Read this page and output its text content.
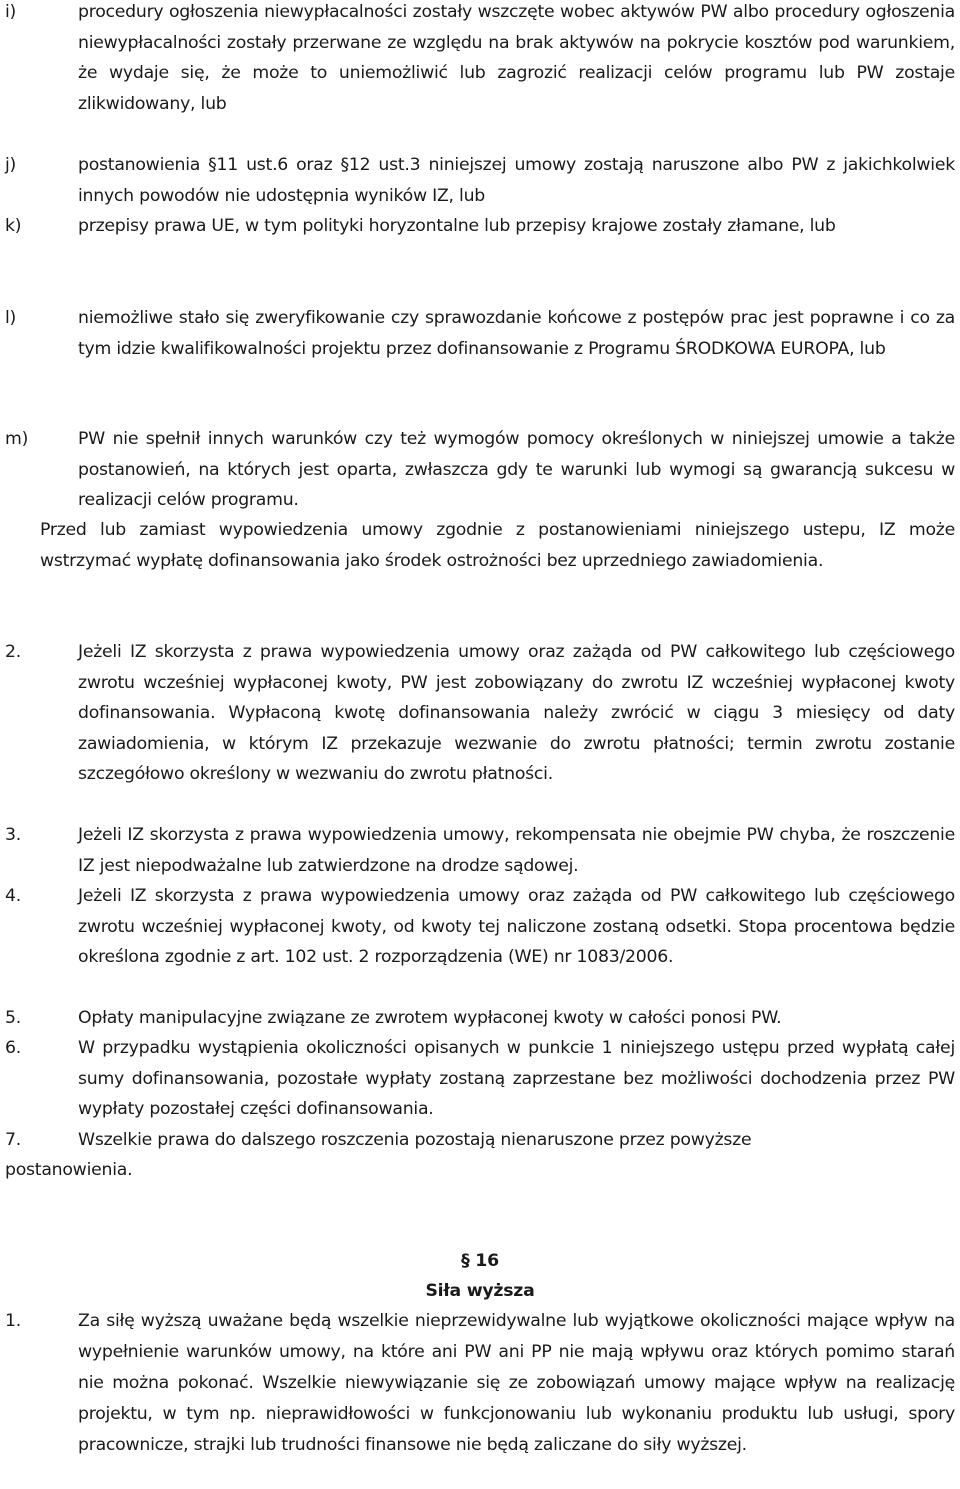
i)	procedury ogłoszenia niewypłacalności zostały wszczęte wobec aktywów PW albo procedury ogłoszenia niewypłacalności zostały przerwane ze względu na brak aktywów na pokrycie kosztów pod warunkiem, że wydaje się, że może to uniemożliwić lub zagrozić realizacji celów programu lub PW zostaje zlikwidowany, lub
j)	postanowienia §11 ust.6 oraz §12 ust.3 niniejszej umowy zostają naruszone albo PW z jakichkolwiek innych powodów nie udostępnia wyników IZ, lub
k)	przepisy prawa UE, w tym polityki horyzontalne lub przepisy krajowe zostały złamane, lub
l)	niemożliwe stało się zweryfikowanie czy sprawozdanie końcowe z postępów prac jest poprawne i co za tym idzie kwalifikowalności projektu przez dofinansowanie z Programu ŚRODKOWA EUROPA, lub
m)	PW nie spełnił innych warunków czy też wymogów pomocy określonych w niniejszej umowie a także postanowień, na których jest oparta, zwłaszcza gdy te warunki lub wymogi są gwarancją sukcesu w realizacji celów programu.
Przed lub zamiast wypowiedzenia umowy zgodnie z postanowieniami niniejszego ustepu, IZ może wstrzymać wypłatę dofinansowania jako środek ostrożności bez uprzedniego zawiadomienia.
2.	Jeżeli IZ skorzysta z prawa wypowiedzenia umowy oraz zażąda od PW całkowitego lub częściowego zwrotu wcześniej wypłaconej kwoty, PW jest zobowiązany do zwrotu IZ wcześniej wypłaconej kwoty dofinansowania. Wypłaconą kwotę dofinansowania należy zwrócić w ciągu 3 miesięcy od daty zawiadomienia, w którym IZ przekazuje wezwanie do zwrotu płatności; termin zwrotu zostanie szczegółowo określony w wezwaniu do zwrotu płatności.
3.	Jeżeli IZ skorzysta z prawa wypowiedzenia umowy, rekompensata nie obejmie PW chyba, że roszczenie IZ jest niepodważalne lub zatwierdzone na drodze sądowej.
4.	Jeżeli IZ skorzysta z prawa wypowiedzenia umowy oraz zażąda od PW całkowitego lub częściowego zwrotu wcześniej wypłaconej kwoty, od kwoty tej naliczone zostaną odsetki. Stopa procentowa będzie określona zgodnie z art. 102 ust. 2 rozporządzenia (WE) nr 1083/2006.
5.	Opłaty manipulacyjne związane ze zwrotem wypłaconej kwoty w całości ponosi PW.
6.	W przypadku wystąpienia okoliczności opisanych w punkcie 1 niniejszego ustępu przed wypłatą całej sumy dofinansowania, pozostałe wypłaty zostaną zaprzestane bez możliwości dochodzenia przez PW wypłaty pozostałej części dofinansowania.
7.	Wszelkie prawa do dalszego roszczenia pozostają nienaruszone przez powyższe
postanowienia.
§ 16
Siła wyższa
1.	Za siłę wyższą uważane będą wszelkie nieprzewidywalne lub wyjątkowe okoliczności mające wpływ na wypełnienie warunków umowy, na które ani PW ani PP nie mają wpływu oraz których pomimo starań nie można pokonać. Wszelkie niewywiązanie się ze zobowiązań umowy mające wpływ na realizację projektu, w tym np. nieprawidłowości w funkcjonowaniu lub wykonaniu produktu lub usługi, spory pracownicze, strajki lub trudności finansowe nie będą zaliczane do siły wyższej.
